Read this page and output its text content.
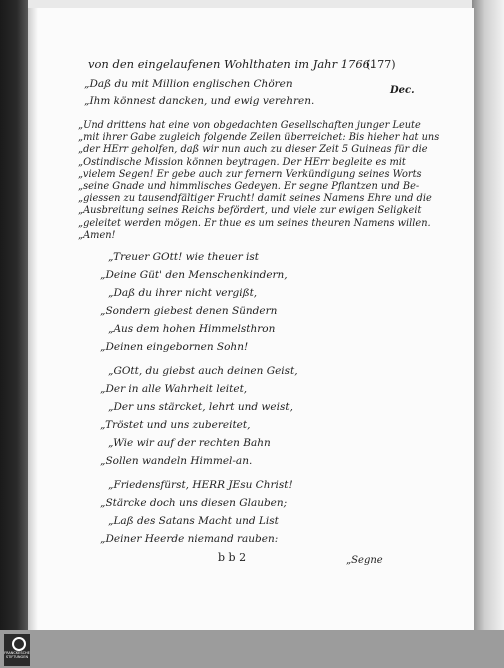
von den eingelaufenen Wohlthaten im Jahr 1766.
(177)
Dec.
„Daß du mit Million englischen Chören
„Ihm könnest dancken, und ewig verehren.
„Und drittens hat eine von obgedachten Gesellschaften junger Leute
„mit ihrer Gabe zugleich folgende Zeilen überreichet: Bis hieher hat uns
„der HErr geholfen, daß wir nun auch zu dieser Zeit 5 Guineas für die
„Ostindische Mission können beytragen. Der HErr begleite es mit
„vielem Segen! Er gebe auch zur fernern Verkündigung seines Worts
„seine Gnade und himmlisches Gedeyen. Er segne Pflantzen und Be-
„giessen zu tausendfältiger Frucht! damit seines Namens Ehre und die
„Ausbreitung seines Reichs befördert, und viele zur ewigen Seligkeit
„geleitet werden mögen. Er thue es um seines theuren Namens willen.
„Amen!
„Treuer GOtt! wie theuer ist
„Deine Güt' den Menschenkindern,
„Daß du ihrer nicht vergißt,
„Sondern giebest denen Sündern
„Aus dem hohen Himmelsthron
„Deinen eingebornen Sohn!
„GOtt, du giebst auch deinen Geist,
„Der in alle Wahrheit leitet,
„Der uns stärcket, lehrt und weist,
„Tröstet und uns zubereitet,
„Wie wir auf der rechten Bahn
„Sollen wandeln Himmel-an.
„Friedensfürst, HERR JEsu Christ!
„Stärcke doch uns diesen Glauben;
„Laß des Satans Macht und List
„Deiner Heerde niemand rauben:
b b 2	„Segne
FRANCKESCHE STIFTUNGEN
